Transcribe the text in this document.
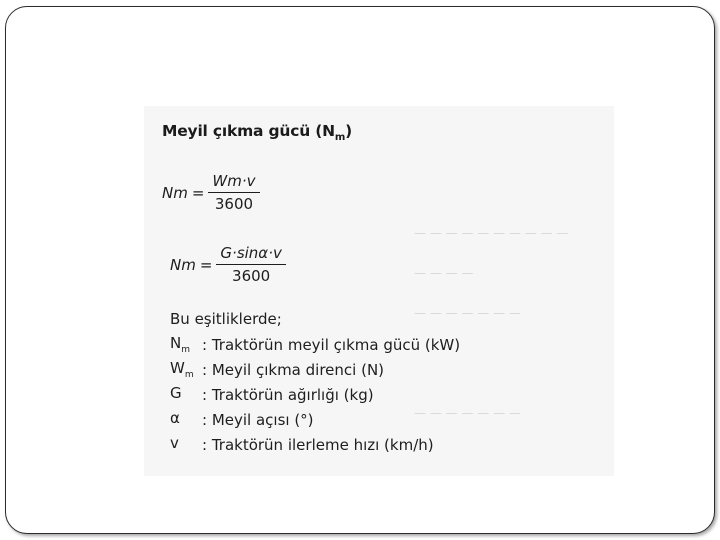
— — — — — — — — — —
— — — —
— — — — — — —
— — — — — — —
Meyil çıkma gücü $(N_m)$
$Nm = \frac{Wm\cdot v}{3600}$
$Nm = \frac{G\cdot\sin\alpha\cdot v}{3600}$
Bu eşitliklerde;
$N_m$ : Traktörün meyil çıkma gücü (kW)
$W_m$ : Meyil çıkma direnci (N)
G	: Traktörün ağırlığı (kg)
α	: Meyil açısı (°)
v	: Traktörün ilerleme hızı (km/h)
